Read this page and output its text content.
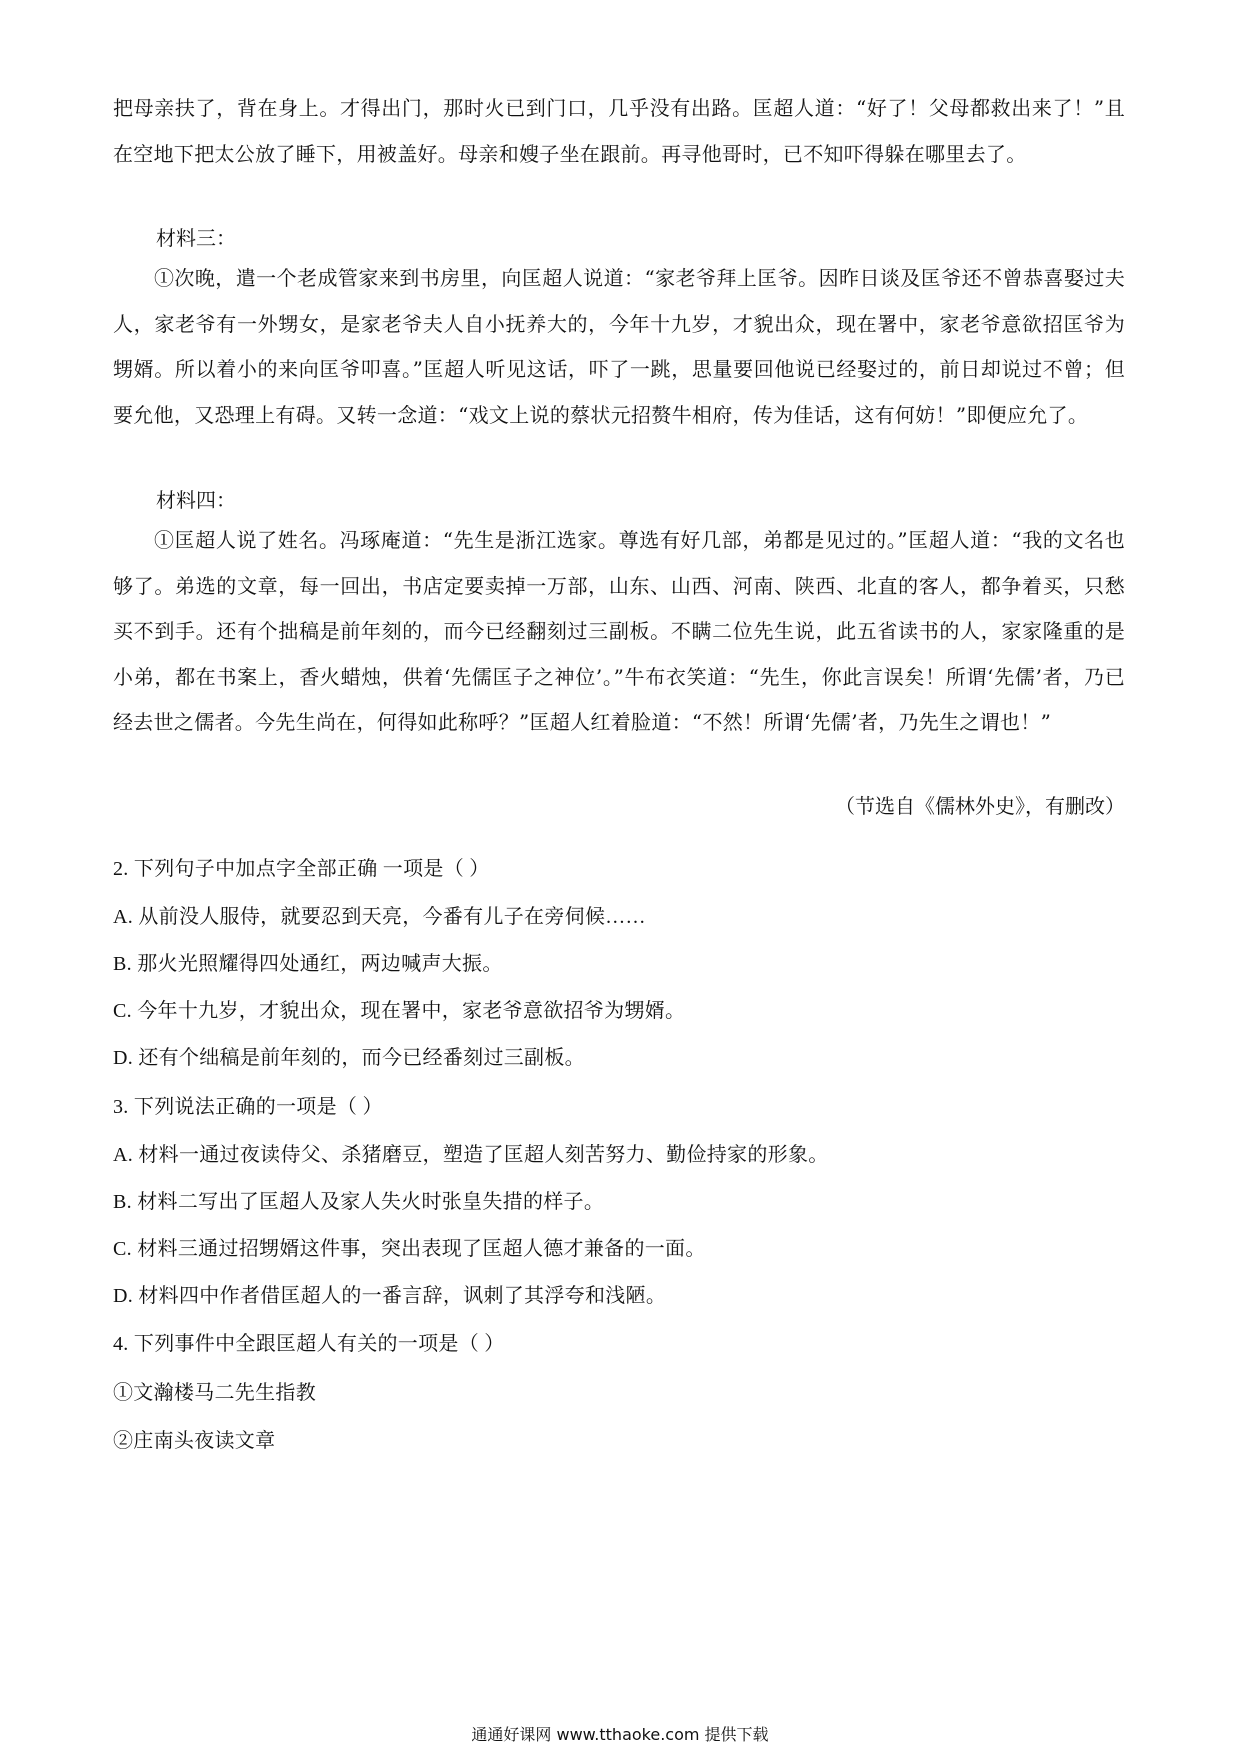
把母亲扶了，背在身上。才得出门，那时火已到门口，几乎没有出路。匡超人道：“好了！父母都救出来了！”且在空地下把太公放了睡下，用被盖好。母亲和嫂子坐在跟前。再寻他哥时，已不知吓得躲在哪里去了。

材料三：

①次晚，遣一个老成管家来到书房里，向匡超人说道：“家老爷拜上匡爷。因昨日谈及匡爷还不曾恭喜娶过夫人，家老爷有一外甥女，是家老爷夫人自小抚养大的，今年十九岁，才貌出众，现在署中，家老爷意欲招匡爷为甥婿。所以着小的来向匡爷叩喜。”匡超人听见这话，吓了一跳，思量要回他说已经娶过的，前日却说过不曾；但要允他，又恐理上有碍。又转一念道：“戏文上说的蔡状元招赘牛相府，传为佳话，这有何妨！”即便应允了。

材料四：

①匡超人说了姓名。冯琢庵道：“先生是浙江选家。尊选有好几部，弟都是见过的。”匡超人道：“我的文名也够了。弟选的文章，每一回出，书店定要卖掉一万部，山东、山西、河南、陕西、北直的客人，都争着买，只愁买不到手。还有个拙稿是前年刻的，而今已经翻刻过三副板。不瞒二位先生说，此五省读书的人，家家隆重的是小弟，都在书案上，香火蜡烛，供着‘先儒匡子之神位’。”牛布衣笑道：“先生，你此言误矣！所谓‘先儒’者，乃已经去世之儒者。今先生尚在，何得如此称呼？”匡超人红着脸道：“不然！所谓‘先儒’者，乃先生之谓也！”

（节选自《儒林外史》，有删改）

2. 下列句子中加点字全部正确 一项是（ ）

A. 从前没人服侍，就要忍到天亮，今番有儿子在旁伺候……

B. 那火光照耀得四处通红，两边喊声大振。

C. 今年十九岁，才貌出众，现在署中，家老爷意欲招爷为甥婿。

D. 还有个绌稿是前年刻的，而今已经番刻过三副板。

3. 下列说法正确的一项是（ ）

A. 材料一通过夜读侍父、杀猪磨豆，塑造了匡超人刻苦努力、勤俭持家的形象。

B. 材料二写出了匡超人及家人失火时张皇失措的样子。

C. 材料三通过招甥婿这件事，突出表现了匡超人德才兼备的一面。

D. 材料四中作者借匡超人的一番言辞，讽刺了其浮夸和浅陋。

4. 下列事件中全跟匡超人有关的一项是（ ）

①文瀚楼马二先生指教

②庄南头夜读文章

通通好课网 www.tthaoke.com 提供下载
